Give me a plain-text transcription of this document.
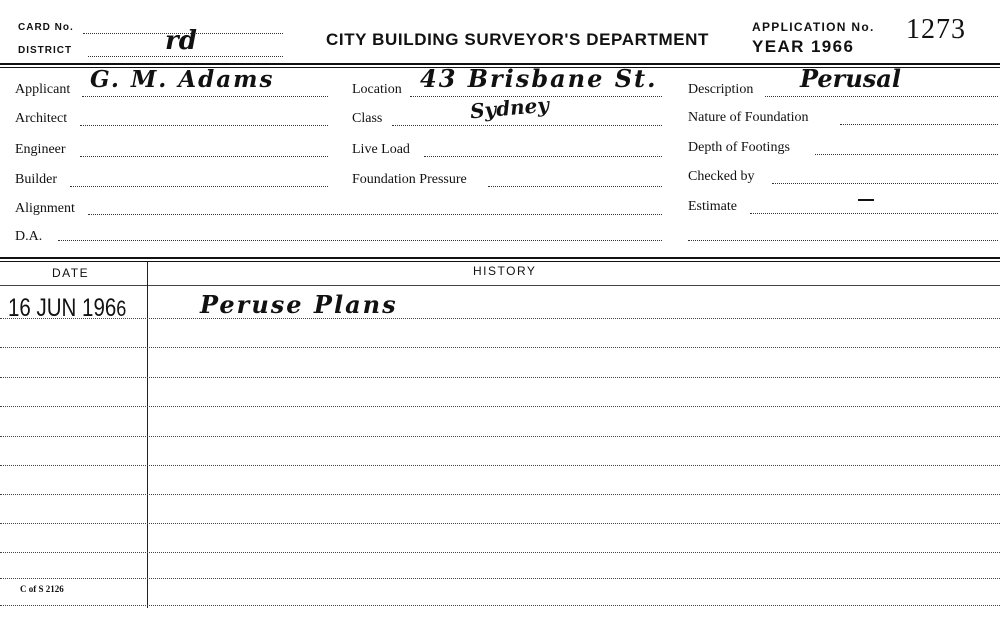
CARD No.
DISTRICT	rd	CITY BUILDING SURVEYOR'S DEPARTMENT
APPLICATION No.
YEAR 1966
1273
Applicant G. M. Adams
Architect
Engineer
Builder
Alignment
D.A.
Location 43 Brisbane St.
Sydney
Class
Live Load
Foundation Pressure
Description Perusal
Nature of Foundation
Depth of Footings
Checked by
Estimate
DATE	HISTORY
16 JUN 1966	Peruse Plans
C of S 2126
